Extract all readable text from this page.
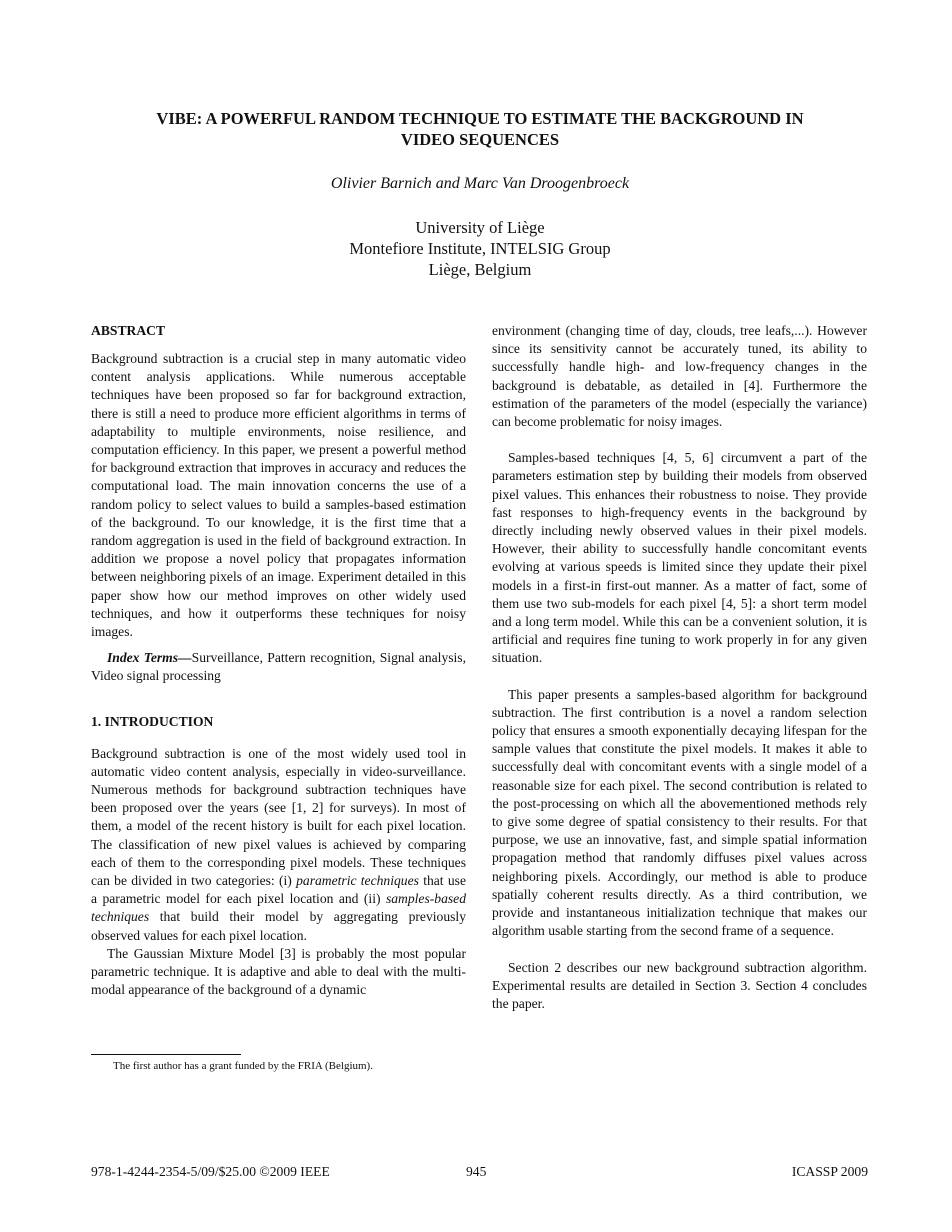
VIBE: A POWERFUL RANDOM TECHNIQUE TO ESTIMATE THE BACKGROUND IN
VIDEO SEQUENCES
Olivier Barnich and Marc Van Droogenbroeck
University of Liège
Montefiore Institute, INTELSIG Group
Liège, Belgium

ABSTRACT

Background subtraction is a crucial step in many automatic video content analysis applications. While numerous acceptable techniques have been proposed so far for background extraction, there is still a need to produce more efficient algorithms in terms of adaptability to multiple environments, noise resilience, and computation efficiency. In this paper, we present a powerful method for background extraction that improves in accuracy and reduces the computational load. The main innovation concerns the use of a random policy to select values to build a samples-based estimation of the background. To our knowledge, it is the first time that a random aggregation is used in the field of background extraction. In addition we propose a novel policy that propagates information between neighboring pixels of an image. Experiment detailed in this paper show how our method improves on other widely used techniques, and how it outperforms these techniques for noisy images.

Index Terms—Surveillance, Pattern recognition, Signal analysis, Video signal processing

1. INTRODUCTION

Background subtraction is one of the most widely used tool in automatic video content analysis, especially in video-surveillance. Numerous methods for background subtraction techniques have been proposed over the years (see [1, 2] for surveys). In most of them, a model of the recent history is built for each pixel location. The classification of new pixel values is achieved by comparing each of them to the corresponding pixel models. These techniques can be divided in two categories: (i) parametric techniques that use a parametric model for each pixel location and (ii) samples-based techniques that build their model by aggregating previously observed values for each pixel location.

The Gaussian Mixture Model [3] is probably the most popular parametric technique. It is adaptive and able to deal with the multi-modal appearance of the background of a dynamic

The first author has a grant funded by the FRIA (Belgium).

environment (changing time of day, clouds, tree leafs,...). However since its sensitivity cannot be accurately tuned, its ability to successfully handle high- and low-frequency changes in the background is debatable, as detailed in [4]. Furthermore the estimation of the parameters of the model (especially the variance) can become problematic for noisy images.

Samples-based techniques [4, 5, 6] circumvent a part of the parameters estimation step by building their models from observed pixel values. This enhances their robustness to noise. They provide fast responses to high-frequency events in the background by directly including newly observed values in their pixel models. However, their ability to successfully handle concomitant events evolving at various speeds is limited since they update their pixel models in a first-in first-out manner. As a matter of fact, some of them use two sub-models for each pixel [4, 5]: a short term model and a long term model. While this can be a convenient solution, it is artificial and requires fine tuning to work properly in for any given situation.

This paper presents a samples-based algorithm for background subtraction. The first contribution is a novel a random selection policy that ensures a smooth exponentially decaying lifespan for the sample values that constitute the pixel models. It makes it able to successfully deal with concomitant events with a single model of a reasonable size for each pixel. The second contribution is related to the post-processing on which all the abovementioned methods rely to give some degree of spatial consistency to their results. For that purpose, we use an innovative, fast, and simple spatial information propagation method that randomly diffuses pixel values across neighboring pixels. Accordingly, our method is able to produce spatially coherent results directly. As a third contribution, we provide and instantaneous initialization technique that makes our algorithm usable starting from the second frame of a sequence.

Section 2 describes our new background subtraction algorithm. Experimental results are detailed in Section 3. Section 4 concludes the paper.

978-1-4244-2354-5/09/$25.00 ©2009 IEEE	945	ICASSP 2009
